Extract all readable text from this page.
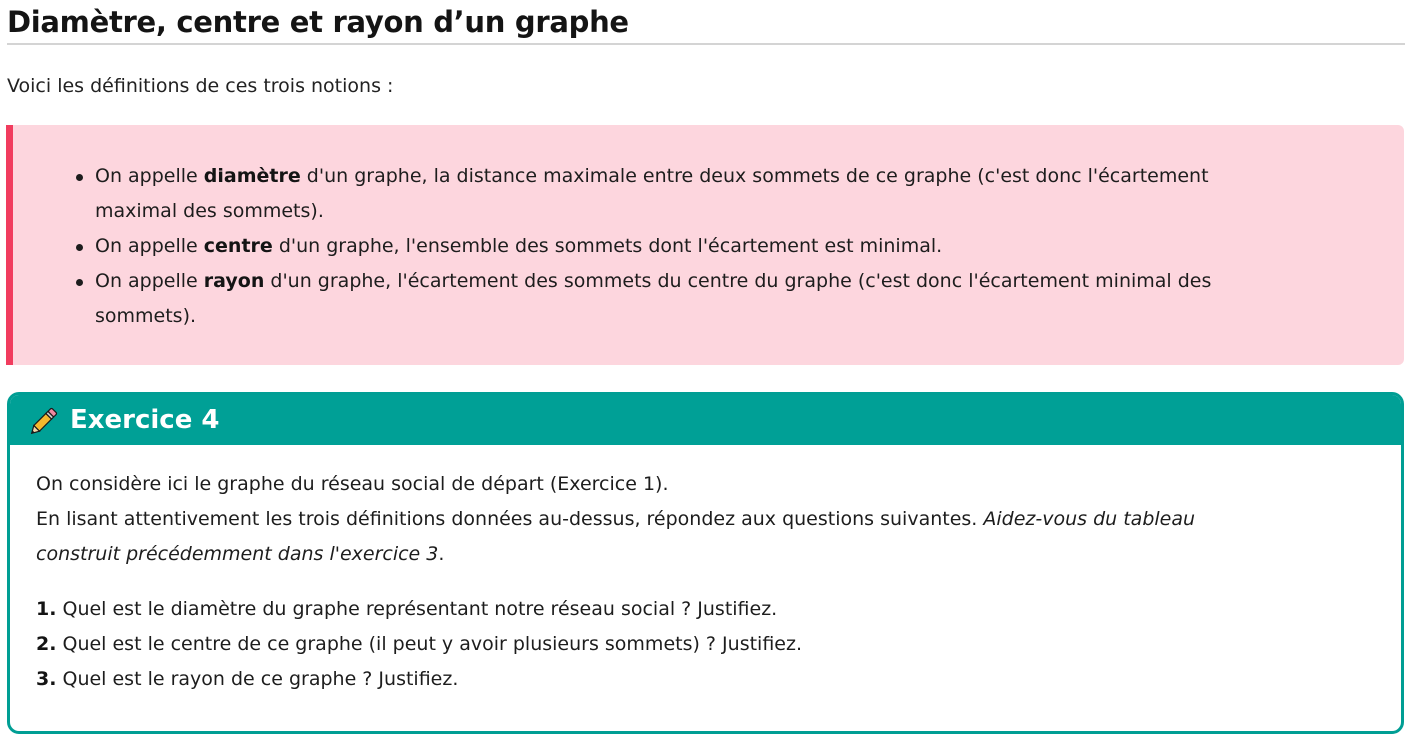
Diamètre, centre et rayon d’un graphe

Voici les définitions de ces trois notions :

On appelle diamètre d'un graphe, la distance maximale entre deux sommets de ce graphe (c'est donc l'écartement
maximal des sommets).
On appelle centre d'un graphe, l'ensemble des sommets dont l'écartement est minimal.
On appelle rayon d'un graphe, l'écartement des sommets du centre du graphe (c'est donc l'écartement minimal des
sommets).
Exercice 4

On considère ici le graphe du réseau social de départ (Exercice 1).

En lisant attentivement les trois définitions données au-dessus, répondez aux questions suivantes. Aidez-vous du tableau
construit précédemment dans l'exercice 3.

1. Quel est le diamètre du graphe représentant notre réseau social ? Justifiez.

2. Quel est le centre de ce graphe (il peut y avoir plusieurs sommets) ? Justifiez.

3. Quel est le rayon de ce graphe ? Justifiez.
